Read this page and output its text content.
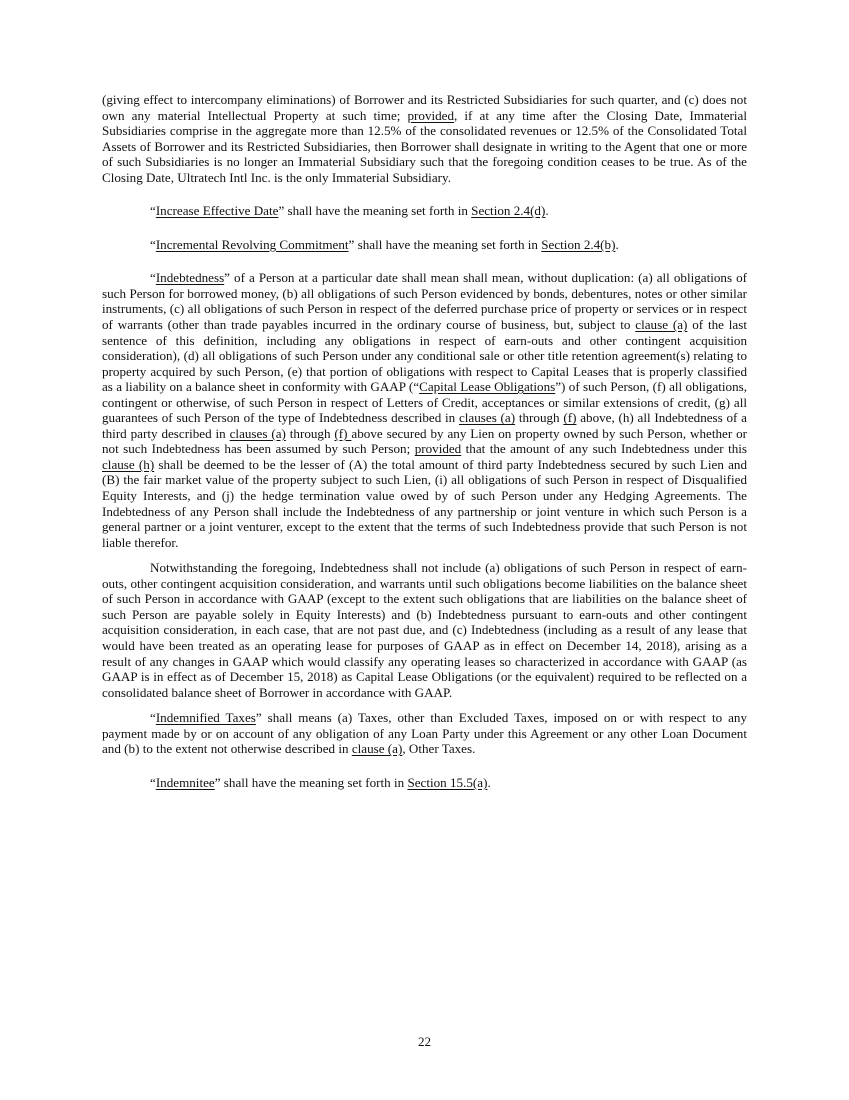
(giving effect to intercompany eliminations) of Borrower and its Restricted Subsidiaries for such quarter, and (c) does not own any material Intellectual Property at such time; provided, if at any time after the Closing Date, Immaterial Subsidiaries comprise in the aggregate more than 12.5% of the consolidated revenues or 12.5% of the Consolidated Total Assets of Borrower and its Restricted Subsidiaries, then Borrower shall designate in writing to the Agent that one or more of such Subsidiaries is no longer an Immaterial Subsidiary such that the foregoing condition ceases to be true. As of the Closing Date, Ultratech Intl Inc. is the only Immaterial Subsidiary.

“Increase Effective Date” shall have the meaning set forth in Section 2.4(d).

“Incremental Revolving Commitment” shall have the meaning set forth in Section 2.4(b).

“Indebtedness” of a Person at a particular date shall mean shall mean, without duplication: (a) all obligations of such Person for borrowed money, (b) all obligations of such Person evidenced by bonds, debentures, notes or other similar instruments, (c) all obligations of such Person in respect of the deferred purchase price of property or services or in respect of warrants (other than trade payables incurred in the ordinary course of business, but, subject to clause (a) of the last sentence of this definition, including any obligations in respect of earn-outs and other contingent acquisition consideration), (d) all obligations of such Person under any conditional sale or other title retention agreement(s) relating to property acquired by such Person, (e) that portion of obligations with respect to Capital Leases that is properly classified as a liability on a balance sheet in conformity with GAAP (“Capital Lease Obligations”) of such Person, (f) all obligations, contingent or otherwise, of such Person in respect of Letters of Credit, acceptances or similar extensions of credit, (g) all guarantees of such Person of the type of Indebtedness described in clauses (a) through (f) above, (h) all Indebtedness of a third party described in clauses (a) through (f) above secured by any Lien on property owned by such Person, whether or not such Indebtedness has been assumed by such Person; provided that the amount of any such Indebtedness under this clause (h) shall be deemed to be the lesser of (A) the total amount of third party Indebtedness secured by such Lien and (B) the fair market value of the property subject to such Lien, (i) all obligations of such Person in respect of Disqualified Equity Interests, and (j) the hedge termination value owed by of such Person under any Hedging Agreements. The Indebtedness of any Person shall include the Indebtedness of any partnership or joint venture in which such Person is a general partner or a joint venturer, except to the extent that the terms of such Indebtedness provide that such Person is not liable therefor.

Notwithstanding the foregoing, Indebtedness shall not include (a) obligations of such Person in respect of earn-outs, other contingent acquisition consideration, and warrants until such obligations become liabilities on the balance sheet of such Person in accordance with GAAP (except to the extent such obligations that are liabilities on the balance sheet of such Person are payable solely in Equity Interests) and (b) Indebtedness pursuant to earn-outs and other contingent acquisition consideration, in each case, that are not past due, and (c) Indebtedness (including as a result of any lease that would have been treated as an operating lease for purposes of GAAP as in effect on December 14, 2018), arising as a result of any changes in GAAP which would classify any operating leases so characterized in accordance with GAAP (as GAAP is in effect as of December 15, 2018) as Capital Lease Obligations (or the equivalent) required to be reflected on a consolidated balance sheet of Borrower in accordance with GAAP.

“Indemnified Taxes” shall means (a) Taxes, other than Excluded Taxes, imposed on or with respect to any payment made by or on account of any obligation of any Loan Party under this Agreement or any other Loan Document and (b) to the extent not otherwise described in clause (a), Other Taxes.

“Indemnitee” shall have the meaning set forth in Section 15.5(a).

22
